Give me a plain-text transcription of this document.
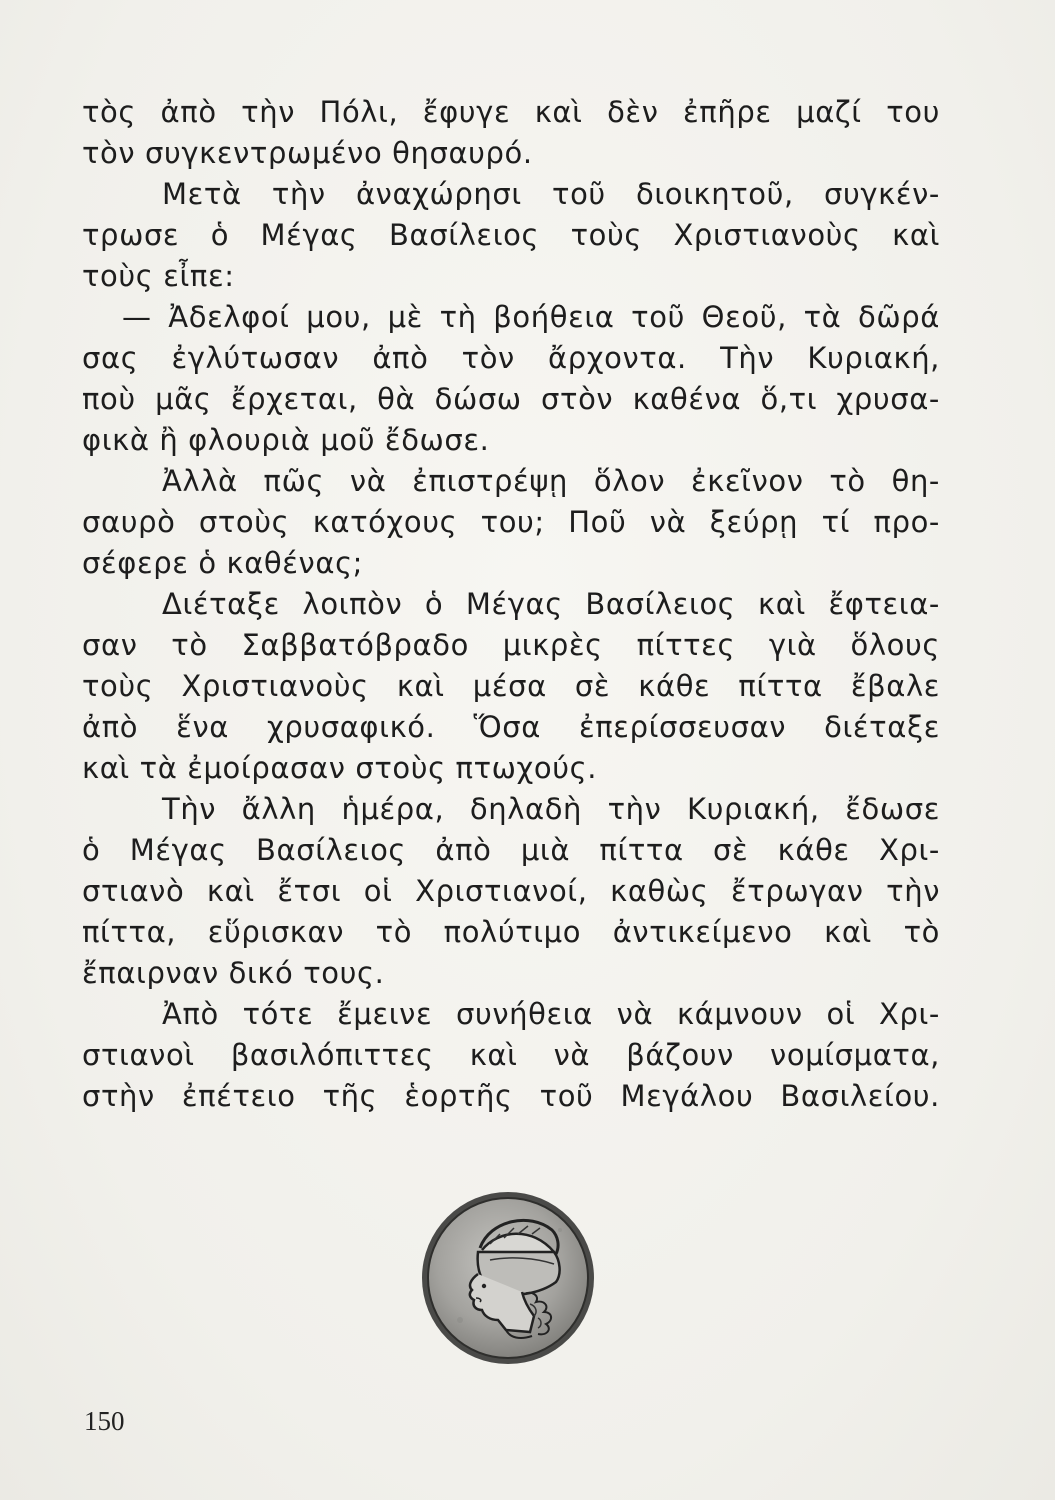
τὸς ἀπὸ τὴν Πόλι, ἔφυγε καὶ δὲν ἐπῆρε μαζί του
τὸν συγκεντρωμένο θησαυρό.
Μετὰ τὴν ἀναχώρησι τοῦ διοικητοῦ, συγκέν-
τρωσε ὁ Μέγας Βασίλειος τοὺς Χριστιανοὺς καὶ
τοὺς εἶπε:
— Ἀδελφοί μου, μὲ τὴ βοήθεια τοῦ Θεοῦ, τὰ δῶρά
σας ἐγλύτωσαν ἀπὸ τὸν ἄρχοντα. Τὴν Κυριακή,
ποὺ μᾶς ἔρχεται, θὰ δώσω στὸν καθένα ὅ,τι χρυσα-
φικὰ ἢ φλουριὰ μοῦ ἔδωσε.
Ἀλλὰ πῶς νὰ ἐπιστρέψῃ ὅλον ἐκεῖνον τὸ θη-
σαυρὸ στοὺς κατόχους του; Ποῦ νὰ ξεύρῃ τί προ-
σέφερε ὁ καθένας;
Διέταξε λοιπὸν ὁ Μέγας Βασίλειος καὶ ἔφτεια-
σαν τὸ Σαββατόβραδο μικρὲς πίττες γιὰ ὅλους
τοὺς Χριστιανοὺς καὶ μέσα σὲ κάθε πίττα ἔβαλε
ἀπὸ ἕνα χρυσαφικό. Ὅσα ἐπερίσσευσαν διέταξε
καὶ τὰ ἐμοίρασαν στοὺς πτωχούς.
Τὴν ἄλλη ἡμέρα, δηλαδὴ τὴν Κυριακή, ἔδωσε
ὁ Μέγας Βασίλειος ἀπὸ μιὰ πίττα σὲ κάθε Χρι-
στιανὸ καὶ ἔτσι οἱ Χριστιανοί, καθὼς ἔτρωγαν τὴν
πίττα, εὕρισκαν τὸ πολύτιμο ἀντικείμενο καὶ τὸ
ἔπαιρναν δικό τους.
Ἀπὸ τότε ἔμεινε συνήθεια νὰ κάμνουν οἱ Χρι-
στιανοὶ βασιλόπιττες καὶ νὰ βάζουν νομίσματα,
στὴν ἐπέτειο τῆς ἑορτῆς τοῦ Μεγάλου Βασιλείου.
150
